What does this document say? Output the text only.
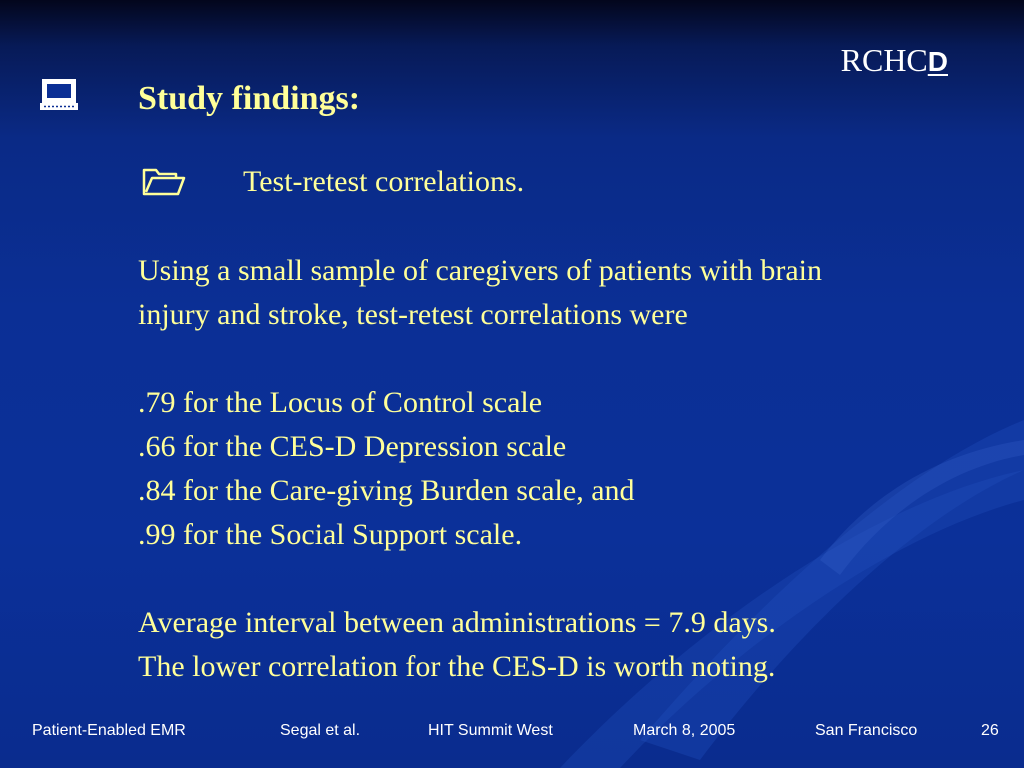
RCHCD
Study findings:
Test-retest correlations.

Using a small sample of caregivers of patients with brain

injury and stroke, test-retest correlations were

.79 for the Locus of Control scale

.66 for the CES-D Depression scale

.84 for the Care-giving Burden scale, and

.99 for the Social Support scale.

Average interval between administrations = 7.9 days.

The lower correlation for the CES-D is worth noting.

Patient-Enabled EMR	Segal et al.	HIT Summit West	March 8, 2005	San Francisco	26
